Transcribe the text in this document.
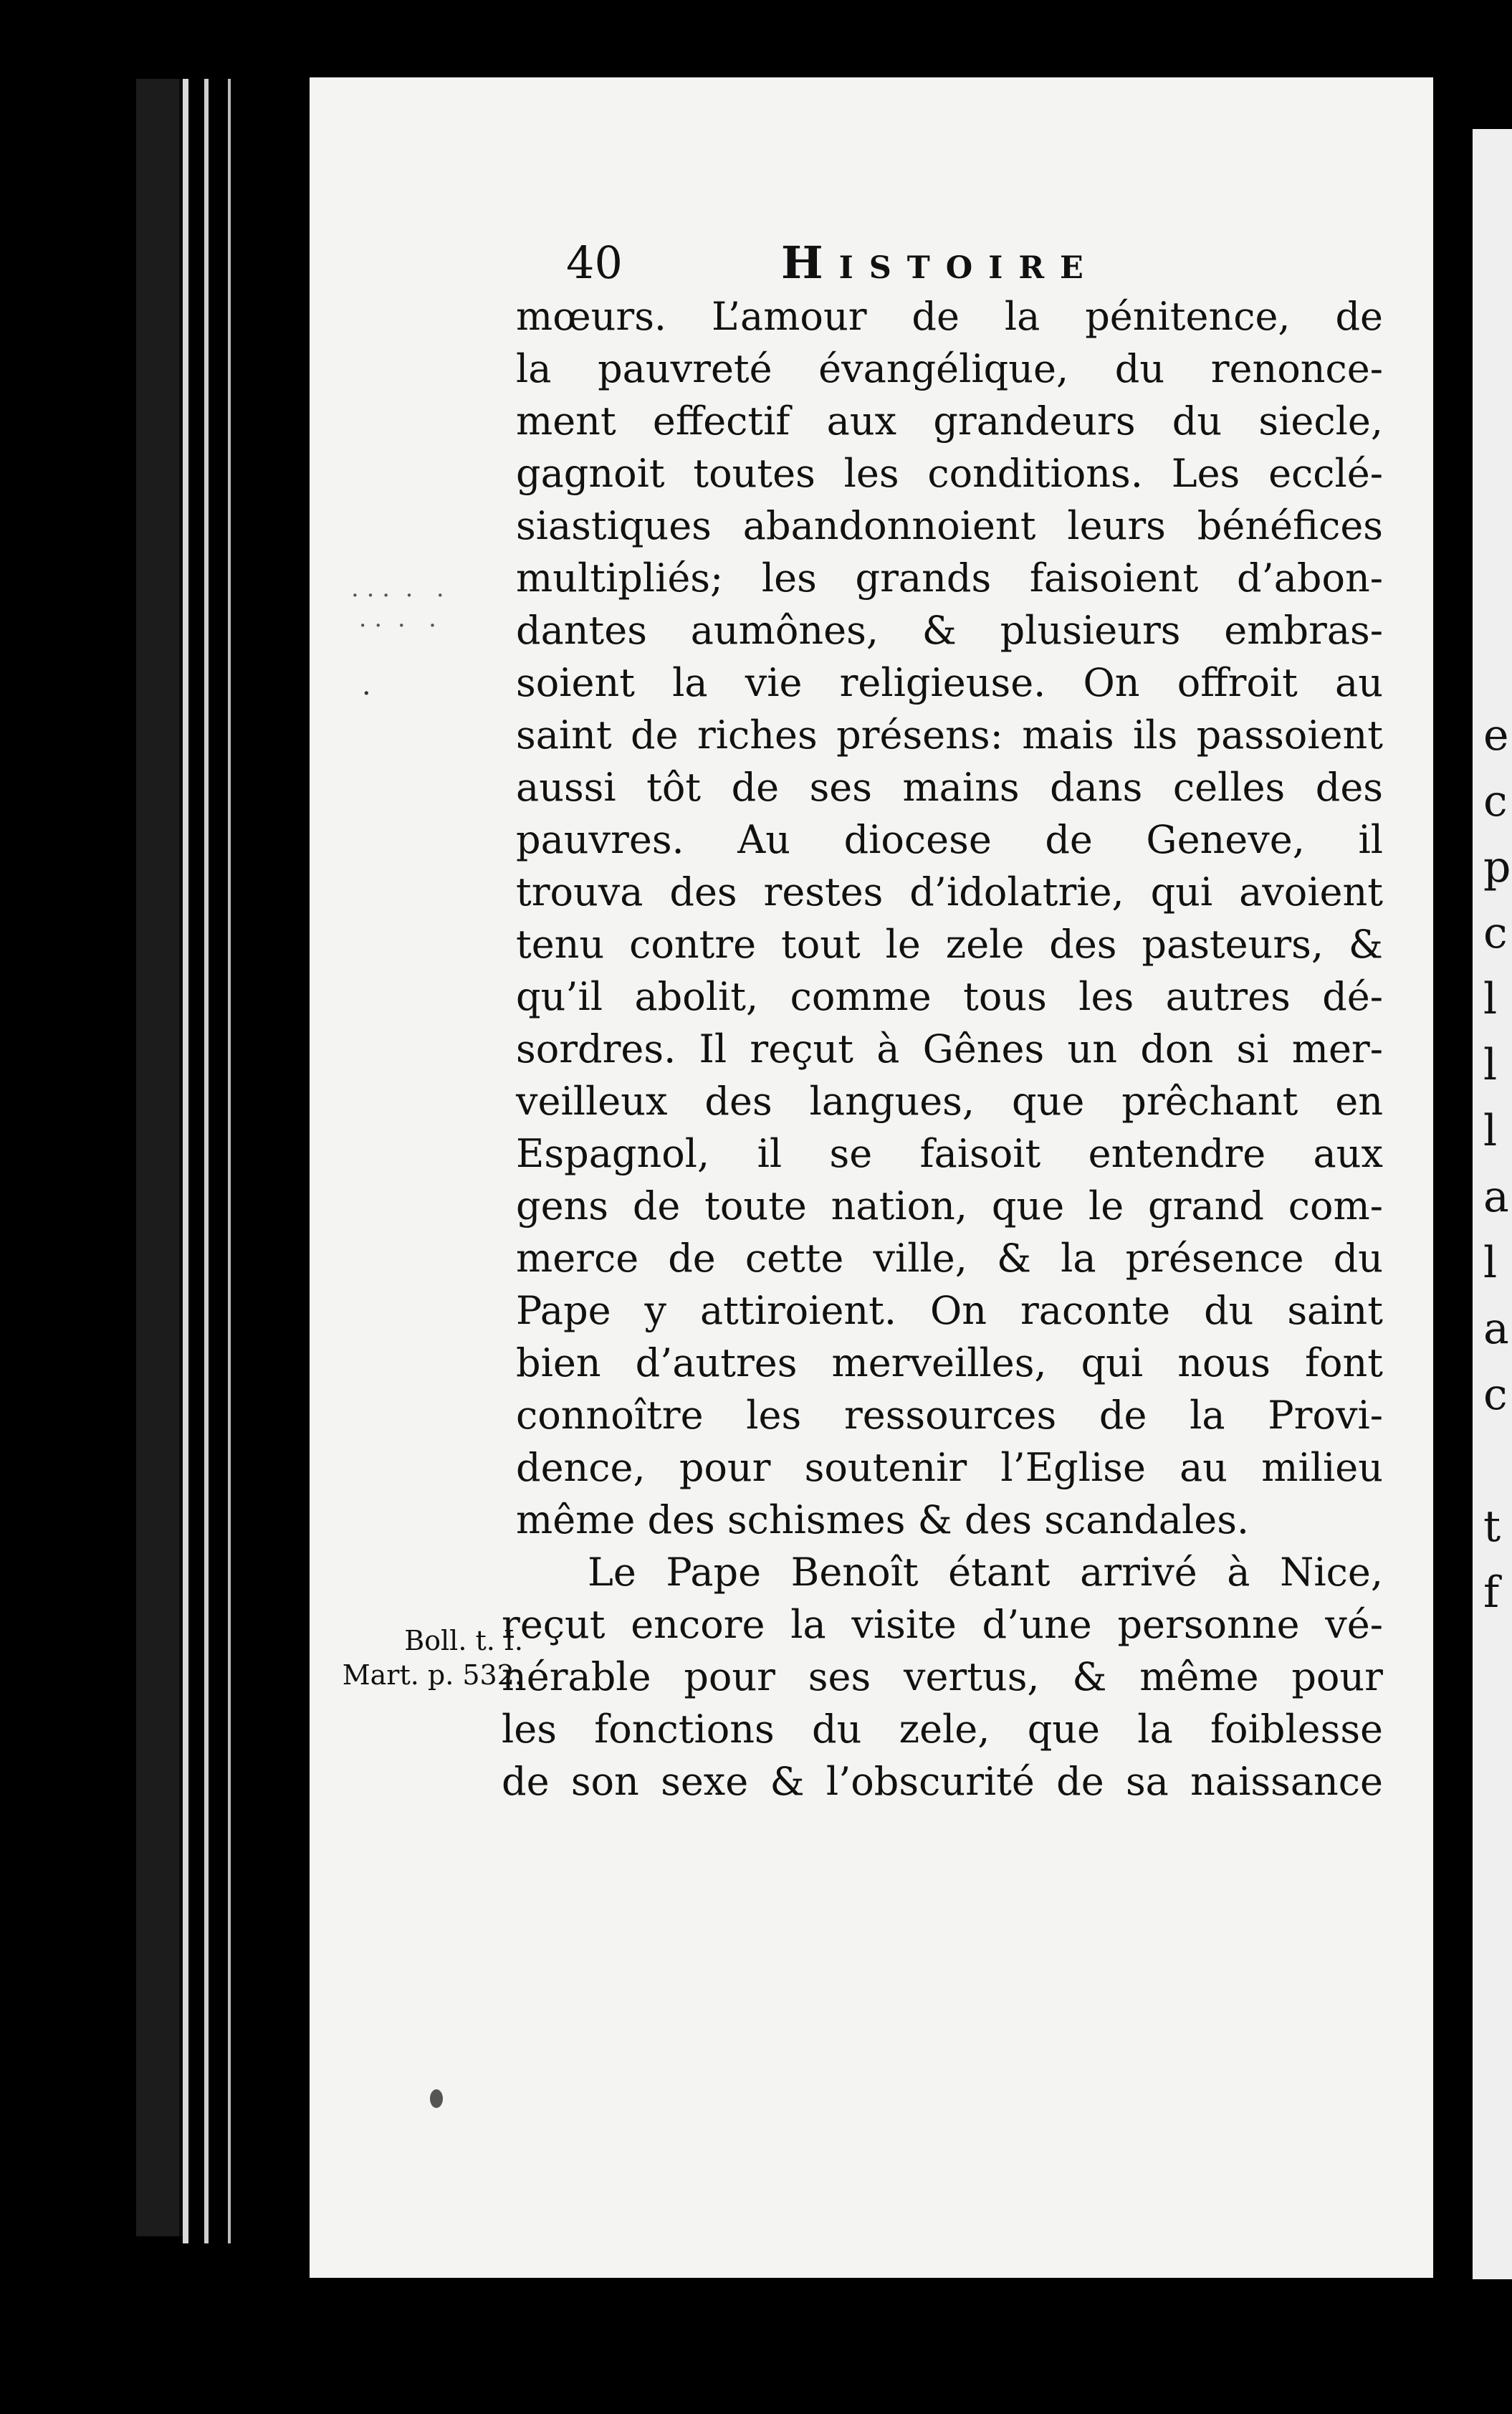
e
c
p
c
l
l
l
a
l
a
c

t
f
40	Histoire
· · ·  ·   ·
· ·  ·   ·
·
mœurs. L’amour de la pénitence, de
la pauvreté évangélique, du renonce-
ment effectif aux grandeurs du siecle,
gagnoit toutes les conditions. Les ecclé-
siastiques abandonnoient leurs bénéfices
multipliés; les grands faisoient d’abon-
dantes aumônes, & plusieurs embras-
soient la vie religieuse. On offroit au
saint de riches présens: mais ils passoient
aussi tôt de ses mains dans celles des
pauvres. Au diocese de Geneve, il
trouva des restes d’idolatrie, qui avoient
tenu contre tout le zele des pasteurs, &
qu’il abolit, comme tous les autres dé-
sordres. Il reçut à Gênes un don si mer-
veilleux des langues, que prêchant en
Espagnol, il se faisoit entendre aux
gens de toute nation, que le grand com-
merce de cette ville, & la présence du
Pape y attiroient. On raconte du saint
bien d’autres merveilles, qui nous font
connoître les ressources de la Provi-
dence, pour soutenir l’Eglise au milieu
même des schismes & des scandales.
Le Pape Benoît étant arrivé à Nice,
reçut encore la visite d’une personne vé-
nérable pour ses vertus, & même pour
les fonctions du zele, que la foiblesse
de son sexe & l’obscurité de sa naissance
Boll. t. I.
Mart. p. 532.
